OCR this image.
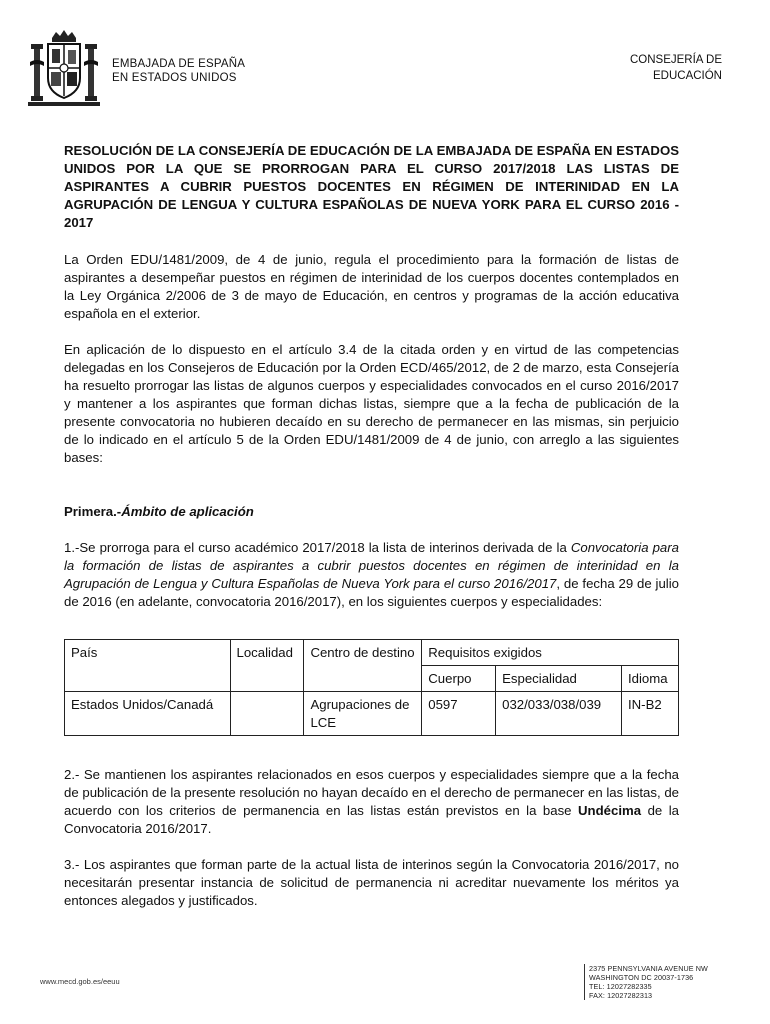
EMBAJADA DE ESPAÑA
EN ESTADOS UNIDOS
CONSEJERÍA DE
EDUCACIÓN
RESOLUCIÓN DE LA CONSEJERÍA DE EDUCACIÓN DE LA EMBAJADA DE ESPAÑA EN ESTADOS UNIDOS POR LA QUE SE PRORROGAN PARA EL CURSO 2017/2018 LAS LISTAS DE ASPIRANTES A CUBRIR PUESTOS DOCENTES EN RÉGIMEN DE INTERINIDAD EN LA AGRUPACIÓN DE LENGUA Y CULTURA ESPAÑOLAS DE NUEVA YORK PARA EL CURSO 2016 - 2017

La Orden EDU/1481/2009, de 4 de junio, regula el procedimiento para la formación de listas de aspirantes a desempeñar puestos en régimen de interinidad de los cuerpos docentes contemplados en la Ley Orgánica 2/2006 de 3 de mayo de Educación, en centros y programas de la acción educativa española en el exterior.

En aplicación de lo dispuesto en el artículo 3.4 de la citada orden y en virtud de las competencias delegadas en los Consejeros de Educación por la Orden ECD/465/2012, de 2 de marzo, esta Consejería ha resuelto prorrogar las listas de algunos cuerpos y especialidades convocados en el curso 2016/2017 y mantener a los aspirantes que forman dichas listas, siempre que a la fecha de publicación de la presente convocatoria no hubieren decaído en su derecho de permanecer en las mismas, sin perjuicio de lo indicado en el artículo 5 de la Orden EDU/1481/2009 de 4 de junio, con arreglo a las siguientes bases:

Primera.-Ámbito de aplicación

1.-Se prorroga para el curso académico 2017/2018 la lista de interinos derivada de la Convocatoria para la formación de listas de aspirantes a cubrir puestos docentes en régimen de interinidad en la Agrupación de Lengua y Cultura Españolas de Nueva York para el curso 2016/2017, de fecha 29 de julio de 2016 (en adelante, convocatoria 2016/2017), en los siguientes cuerpos y especialidades:

País	Localidad	Centro de destino	Requisitos exigidos		
			Cuerpo	Especialidad	Idioma
Estados Unidos/Canadá		Agrupaciones de LCE	0597	032/033/038/039	IN-B2

2.- Se mantienen los aspirantes relacionados en esos cuerpos y especialidades siempre que a la fecha de publicación de la presente resolución no hayan decaído en el derecho de permanecer en las listas, de acuerdo con los criterios de permanencia en las listas están previstos en la base Undécima de la Convocatoria 2016/2017.

3.- Los aspirantes que forman parte de la actual lista de interinos según la Convocatoria 2016/2017, no necesitarán presentar instancia de solicitud de permanencia ni acreditar nuevamente los méritos ya entonces alegados y justificados.

www.mecd.gob.es/eeuu
2375 PENNSYLVANIA AVENUE NW
WASHINGTON DC 20037-1736
TEL: 12027282335
FAX: 12027282313
